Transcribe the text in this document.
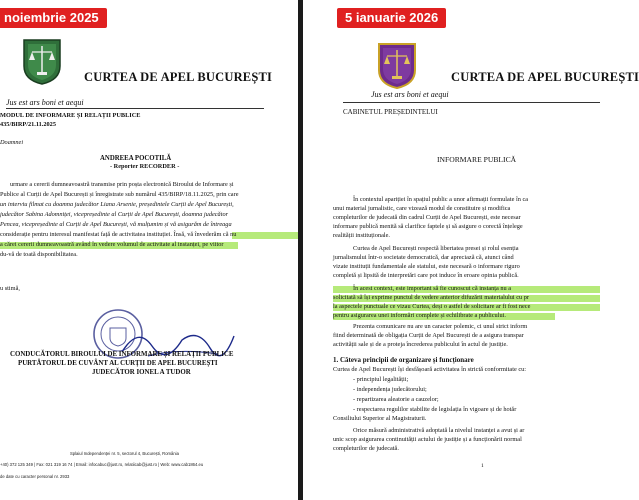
noiembrie 2025
CURTEA DE APEL BUCUREȘTI
Jus est ars boni et aequi
MODUL DE INFORMARE ȘI RELAȚII PUBLICE
435/BIRP/21.11.2025
Doamnei
ANDREEA POCOTILĂ
- Reporter RECORDER -
urmare a cererii dumneavoastră transmise prin poșta electronică Biroului de Informare și
Publice al Curții de Apel București și înregistrate sub numărul 435/BIRP/18.11.2025, prin care
un interviu filmat cu doamna judecător Liana Arsenie, președintele Curții de Apel București,
judecător Sabina Adomniței, vicepreședinte al Curții de Apel București, doamna judecător
Pencea, vicepreședinte al Curții de Apel București, vă mulțumim și vă asigurăm de întreaga
considerație pentru interesul manifestat față de activitatea instituției. Însă, vă învederăm că nu
a cărei cererii dumneavoastră având în vedere volumul de activitate al instanței, pe viitor
du-vă de toată disponibilitatea.
u stimă,
CONDUCĂTORUL BIROULUI DE INFORMARE ȘI RELAȚII PUBLICE
PURTĂTORUL DE CUVÂNT AL CURȚII DE APEL BUCUREȘTI
JUDECĂTOR IONEL A TUDOR
Splaiul Independenței nr. 5, sectorul 4, București, România
+40) 372 125 349 | Fax: 021 319 16 74 | Email: infocabuc@just.ro, relatiicab@just.ro | Web: www.cab1864.eu
de date cu caracter personal nr. 2933
5 ianuarie 2026
CURTEA DE APEL BUCUREȘTI
Jus est ars boni et aequi
CABINETUL PREȘEDINTELUI
INFORMARE PUBLICĂ
În contextul apariției în spațiul public a unor afirmații formulate în ca
unui material jurnalistic, care vizează modul de constituire și modifica
completurilor de judecată din cadrul Curții de Apel București, este necesar
informare publică menită să clarifice faptele și să asigure o corectă înțelege
realității instituționale.
Curtea de Apel București respectă libertatea presei și rolul esenția
jurnalismului într-o societate democratică, dar apreciază că, atunci când
vizate instituții fundamentale ale statului, este necesară o informare riguro
completă și lipsită de interpretări care pot induce în eroare opinia publică.
În acest context, este important să fie cunoscut că instanța nu a
solicitată să își exprime punctul de vedere anterior difuzării materialului cu pr
la aspectele punctuale ce vizau Curtea, deși o astfel de solicitare ar fi fost nece
pentru asigurarea unei informări complete și echilibrate a publicului.
Prezenta comunicare nu are un caracter polemic, ci unul strict inform
fiind determinată de obligația Curții de Apel București de a asigura transpar
activității sale și de a proteja încrederea publicului în actul de justiție.
1. Câteva principii de organizare și funcționare
Curtea de Apel București își desfășoară activitatea în strictă conformitate cu:
- principiul legalității;
- independența judecătorului;
- repartizarea aleatorie a cauzelor;
- respectarea regulilor stabilite de legislația în vigoare și de hotăr
Consiliului Superior al Magistraturii.
Orice măsură administrativă adoptată la nivelul instanței a avut și ar
unic scop asigurarea continuității actului de justiție și a funcționării normal
completurilor de judecată.
1
